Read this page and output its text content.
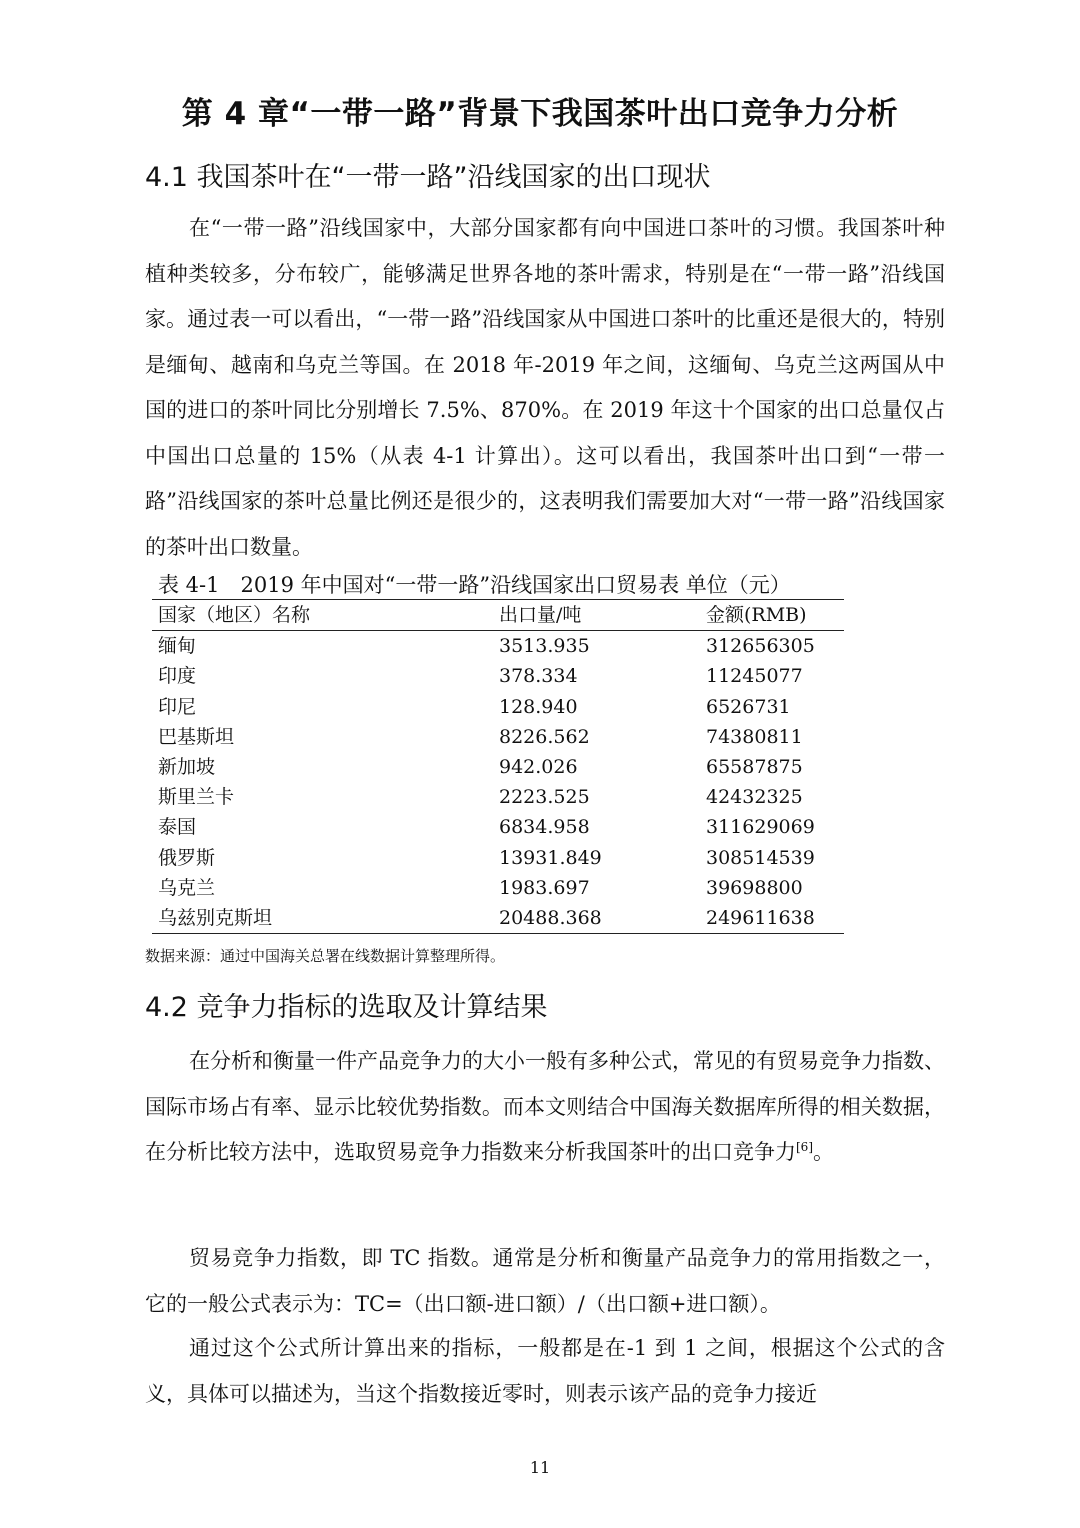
第 4 章“一带一路”背景下我国茶叶出口竞争力分析
4.1 我国茶叶在“一带一路”沿线国家的出口现状

在“一带一路”沿线国家中，大部分国家都有向中国进口茶叶的习惯。我国茶叶种植种类较多，分布较广，能够满足世界各地的茶叶需求，特别是在“一带一路”沿线国家。通过表一可以看出，“一带一路”沿线国家从中国进口茶叶的比重还是很大的，特别是缅甸、越南和乌克兰等国。在 2018 年-2019 年之间，这缅甸、乌克兰这两国从中国的进口的茶叶同比分别增长 7.5%、870%。在 2019 年这十个国家的出口总量仅占中国出口总量的 15%（从表 4-1 计算出）。这可以看出，我国茶叶出口到“一带一路”沿线国家的茶叶总量比例还是很少的，这表明我们需要加大对“一带一路”沿线国家的茶叶出口数量。

表 4-1　2019 年中国对“一带一路”沿线国家出口贸易表 单位（元）
国家（地区）名称	出口量/吨	金额(RMB)
缅甸	3513.935	312656305
印度	378.334	11245077
印尼	128.940	6526731
巴基斯坦	8226.562	74380811
新加坡	942.026	65587875
斯里兰卡	2223.525	42432325
泰国	6834.958	311629069
俄罗斯	13931.849	308514539
乌克兰	1983.697	39698800
乌兹别克斯坦	20488.368	249611638
数据来源：通过中国海关总署在线数据计算整理所得。
4.2 竞争力指标的选取及计算结果

在分析和衡量一件产品竞争力的大小一般有多种公式，常见的有贸易竞争力指数、国际市场占有率、显示比较优势指数。而本文则结合中国海关数据库所得的相关数据，在分析比较方法中，选取贸易竞争力指数来分析我国茶叶的出口竞争力[6]。

贸易竞争力指数，即 TC 指数。通常是分析和衡量产品竞争力的常用指数之一，它的一般公式表示为：TC=（出口额-进口额）/（出口额+进口额）。

通过这个公式所计算出来的指标，一般都是在-1 到 1 之间，根据这个公式的含义，具体可以描述为，当这个指数接近零时，则表示该产品的竞争力接近

11
